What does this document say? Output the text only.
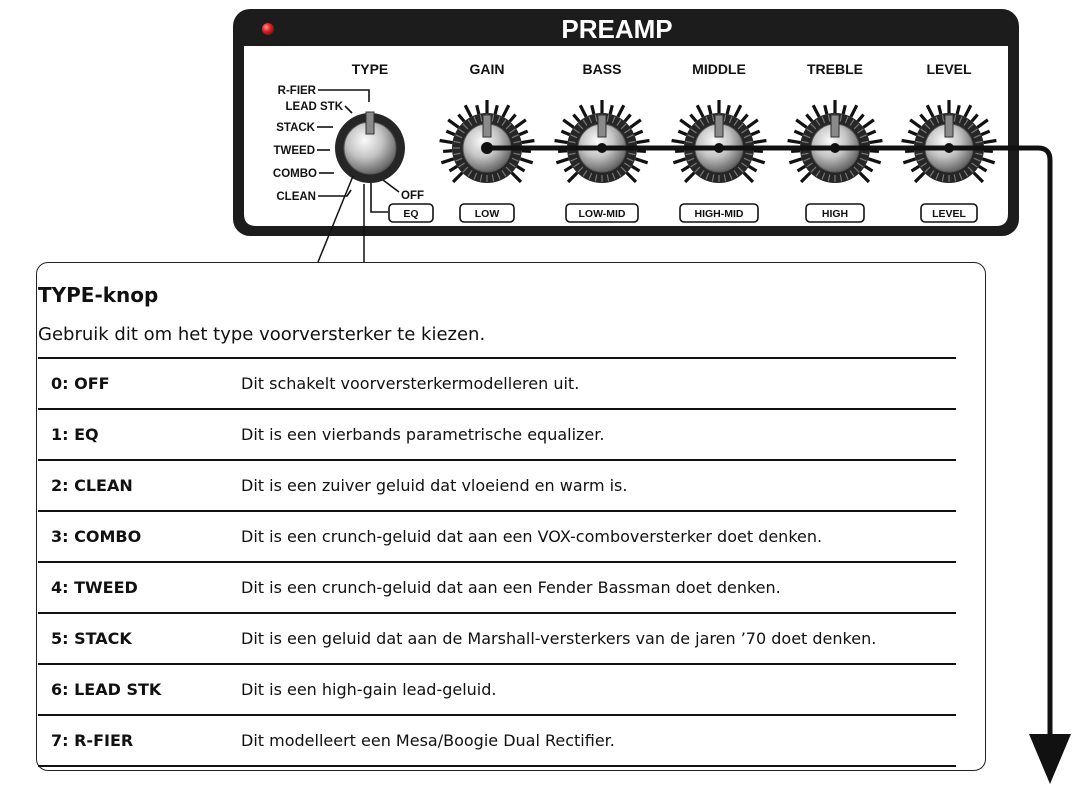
PREAMP
TYPE	GAIN	BASS	MIDDLE	TREBLE	LEVEL
R-FIER
LEAD STK
STACK
TWEED
COMBO
CLEAN	OFF
EQ	LOW	LOW-MID	HIGH-MID	HIGH	LEVEL
TYPE-knop

Gebruik dit om het type voorversterker te kiezen.

0: OFF	Dit schakelt voorversterkermodelleren uit.
1: EQ	Dit is een vierbands parametrische equalizer.
2: CLEAN	Dit is een zuiver geluid dat vloeiend en warm is.
3: COMBO	Dit is een crunch-geluid dat aan een VOX-comboversterker doet denken.
4: TWEED	Dit is een crunch-geluid dat aan een Fender Bassman doet denken.
5: STACK	Dit is een geluid dat aan de Marshall-versterkers van de jaren ’70 doet denken.
6: LEAD STK	Dit is een high-gain lead-geluid.
7: R-FIER	Dit modelleert een Mesa/Boogie Dual Rectifier.
